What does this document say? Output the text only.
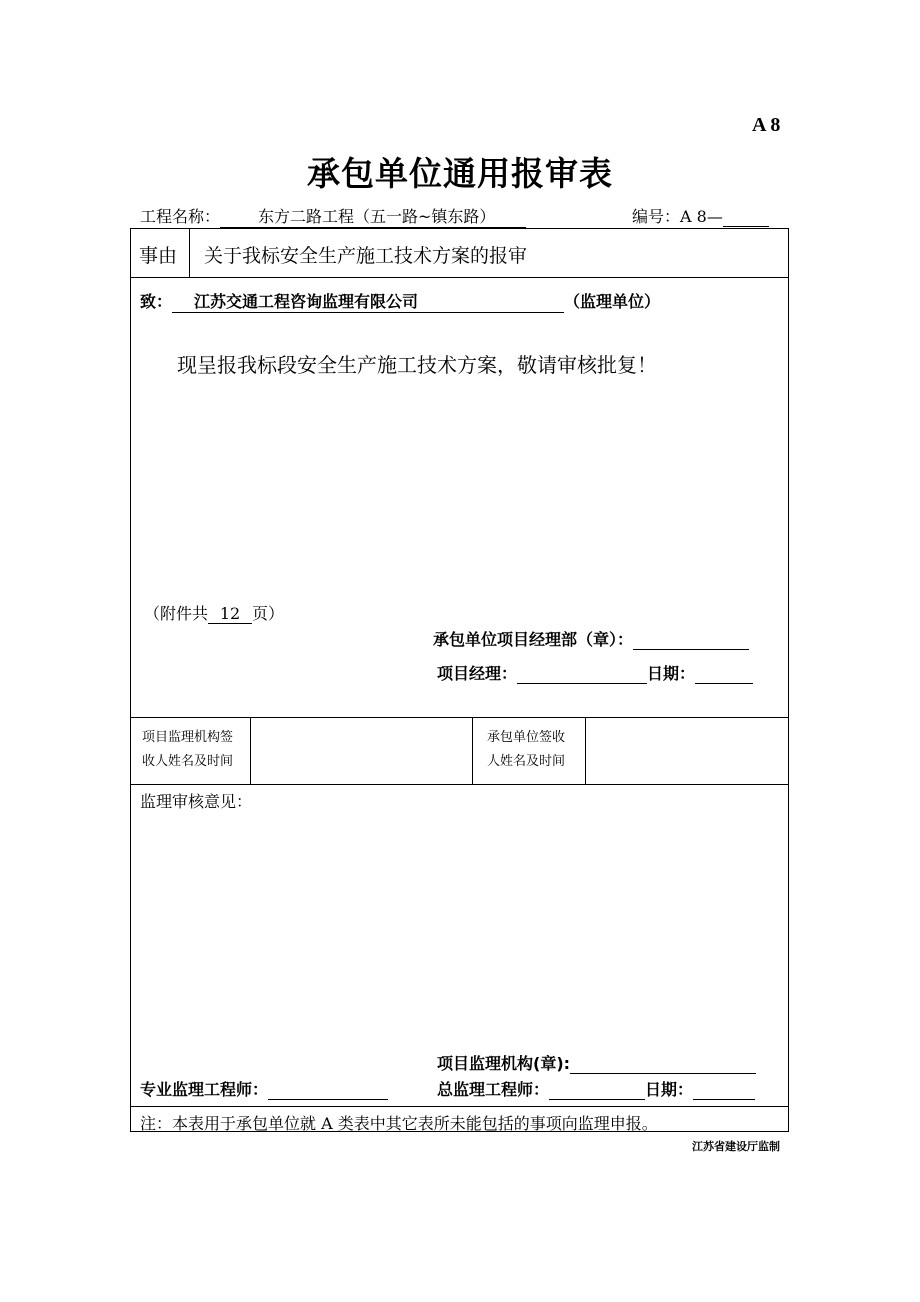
A 8
承包单位通用报审表
工程名称： 东方二路工程（五一路~镇东路）	编号：A 8—
事由 关于我标安全生产施工技术方案的报审
致： 江苏交通工程咨询监理有限公司	（监理单位）
现呈报我标段安全生产施工技术方案，敬请审核批复！
（附件共 12 页）
承包单位项目经理部（章）：
项目经理：	日期：
项目监理机构签
收人姓名及时间
承包单位签收
人姓名及时间
监理审核意见：
项目监理机构(章):
专业监理工程师：	总监理工程师：	日期：
注：本表用于承包单位就 A 类表中其它表所未能包括的事项向监理申报。
江苏省建设厅监制
